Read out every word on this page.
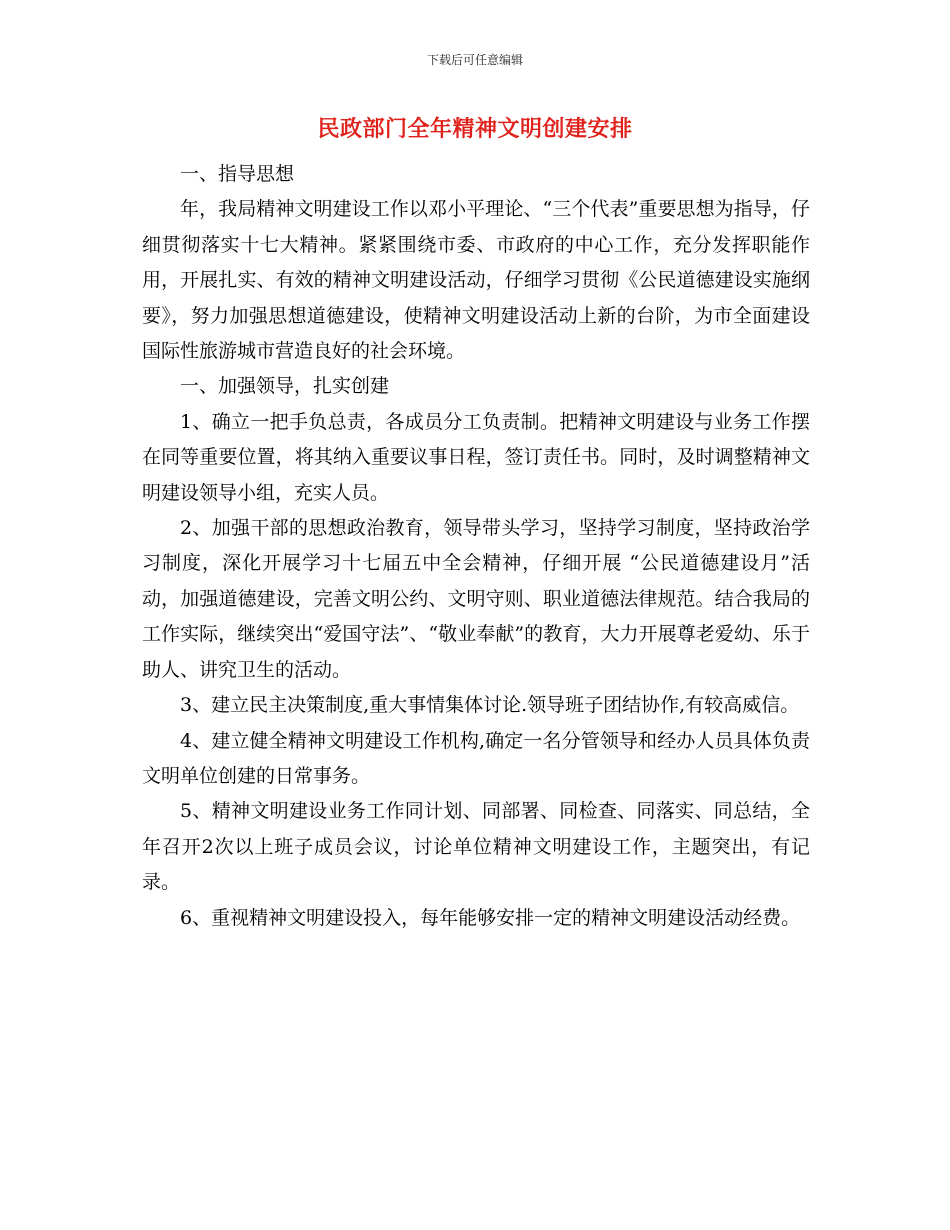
下载后可任意编辑
民政部门全年精神文明创建安排

一、指导思想

年，我局精神文明建设工作以邓小平理论、“三个代表”重要思想为指导，仔细贯彻落实十七大精神。紧紧围绕市委、市政府的中心工作，充分发挥职能作用，开展扎实、有效的精神文明建设活动，仔细学习贯彻《公民道德建设实施纲要》，努力加强思想道德建设，使精神文明建设活动上新的台阶，为市全面建设国际性旅游城市营造良好的社会环境。

一、加强领导，扎实创建

1、确立一把手负总责，各成员分工负责制。把精神文明建设与业务工作摆在同等重要位置，将其纳入重要议事日程，签订责任书。同时，及时调整精神文明建设领导小组，充实人员。

2、加强干部的思想政治教育，领导带头学习，坚持学习制度，坚持政治学习制度，深化开展学习十七届五中全会精神，仔细开展 “公民道德建设月”活动，加强道德建设，完善文明公约、文明守则、职业道德法律规范。结合我局的工作实际，继续突出“爱国守法”、“敬业奉献”的教育，大力开展尊老爱幼、乐于助人、讲究卫生的活动。

3、建立民主决策制度,重大事情集体讨论.领导班子团结协作,有较高威信。

4、建立健全精神文明建设工作机构,确定一名分管领导和经办人员具体负责文明单位创建的日常事务。

5、精神文明建设业务工作同计划、同部署、同检查、同落实、同总结，全年召开2次以上班子成员会议，讨论单位精神文明建设工作，主题突出，有记录。

6、重视精神文明建设投入，每年能够安排一定的精神文明建设活动经费。
